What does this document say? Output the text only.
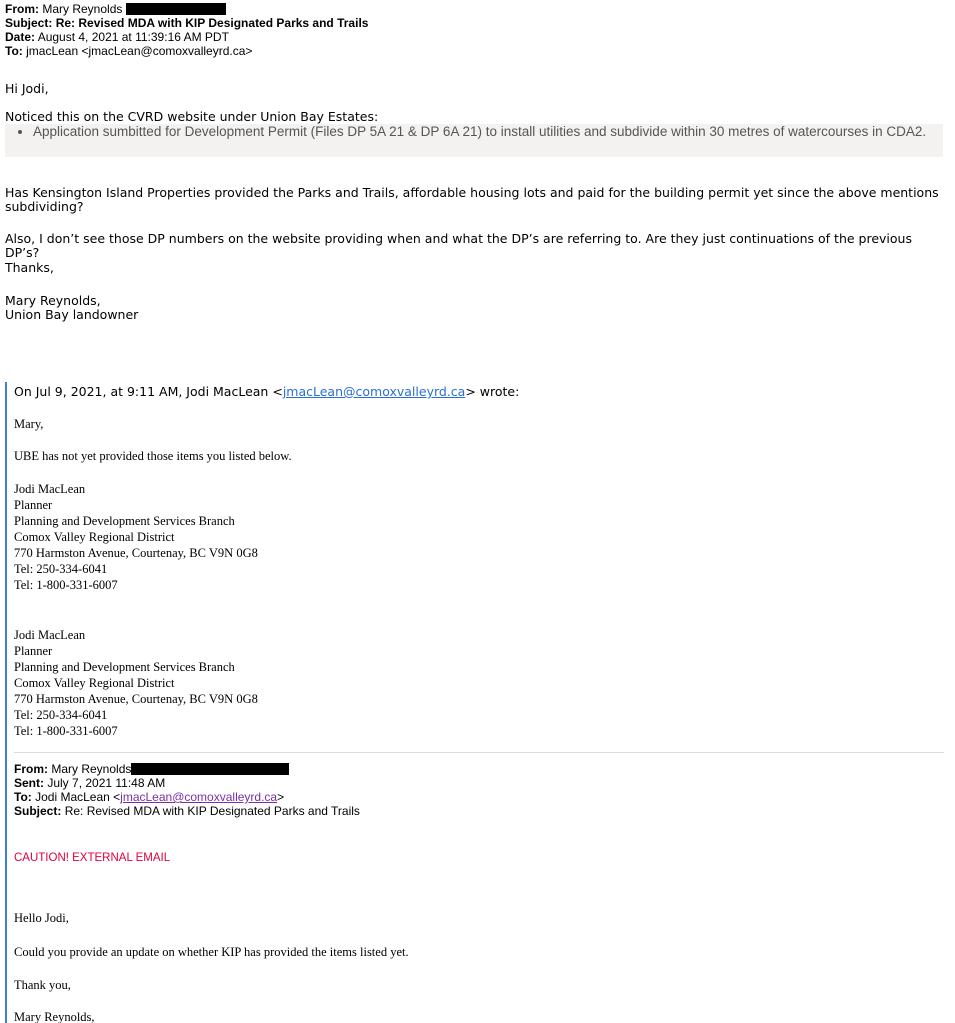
From: Mary Reynolds
Subject: Re: Revised MDA with KIP Designated Parks and Trails
Date: August 4, 2021 at 11:39:16 AM PDT
To: jmacLean <jmacLean@comoxvalleyrd.ca>
Hi Jodi,
Noticed this on the CVRD website under Union Bay Estates:
• Application sumbitted for Development Permit (Files DP 5A 21 & DP 6A 21) to install utilities and subdivide within 30 metres of watercourses in CDA2.
Has Kensington Island Properties provided the Parks and Trails, affordable housing lots and paid for the building permit yet since the above mentions subdividing?
Also, I don’t see those DP numbers on the website providing when and what the DP’s are referring to. Are they just continuations of the previous DP’s?
Thanks,
Mary Reynolds,
Union Bay landowner
On Jul 9, 2021, at 9:11 AM, Jodi MacLean <jmacLean@comoxvalleyrd.ca> wrote:
Mary,
UBE has not yet provided those items you listed below.
Jodi MacLean
Planner
Planning and Development Services Branch
Comox Valley Regional District
770 Harmston Avenue, Courtenay, BC V9N 0G8
Tel: 250-334-6041
Tel: 1-800-331-6007
Jodi MacLean
Planner
Planning and Development Services Branch
Comox Valley Regional District
770 Harmston Avenue, Courtenay, BC V9N 0G8
Tel: 250-334-6041
Tel: 1-800-331-6007
From: Mary Reynolds
Sent: July 7, 2021 11:48 AM
To: Jodi MacLean <jmacLean@comoxvalleyrd.ca>
Subject: Re: Revised MDA with KIP Designated Parks and Trails
CAUTION! EXTERNAL EMAIL
Hello Jodi,
Could you provide an update on whether KIP has provided the items listed yet.
Thank you,
Mary Reynolds,
